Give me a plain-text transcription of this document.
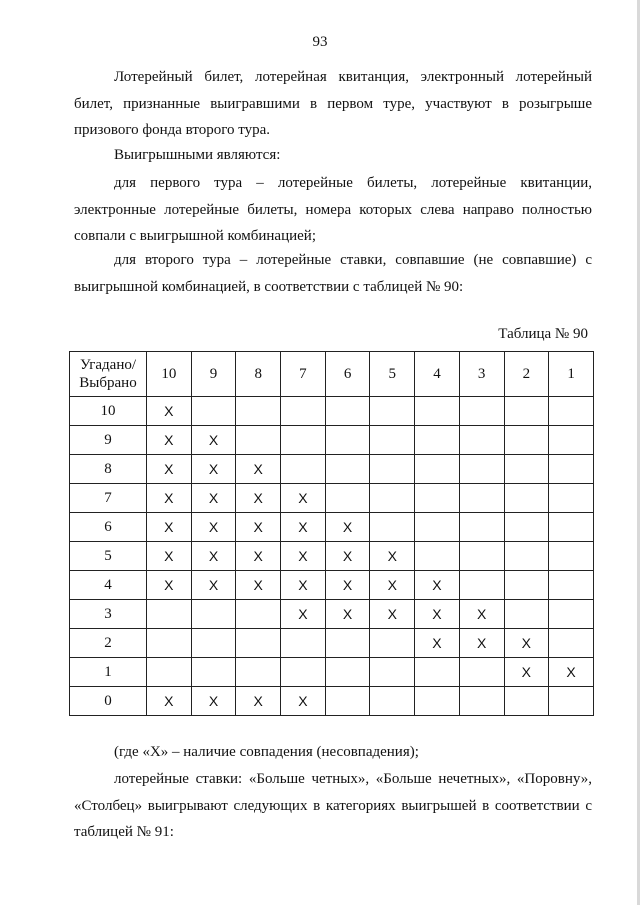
93
Лотерейный билет, лотерейная квитанция, электронный лотерейный билет, признанные выигравшими в первом туре, участвуют в розыгрыше призового фонда второго тура.
Выигрышными являются:
для первого тура – лотерейные билеты, лотерейные квитанции, электронные лотерейные билеты, номера которых слева направо полностью совпали с выигрышной комбинацией;
для второго тура – лотерейные ставки, совпавшие (не совпавшие) с выигрышной комбинацией, в соответствии с таблицей № 90:
Таблица № 90
Угадано/ Выбрано	10	9	8	7	6	5	4	3	2	1
10	X									
9	X	X								
8	X	X	X							
7	X	X	X	X						
6	X	X	X	X	X					
5	X	X	X	X	X	X				
4	X	X	X	X	X	X	X			
3				X	X	X	X	X		
2							X	X	X	
1									X	X
0	X	X	X	X						
(где «X» – наличие совпадения (несовпадения);
лотерейные ставки: «Больше четных», «Больше нечетных», «Поровну», «Столбец» выигрывают следующих в категориях выигрышей в соответствии с таблицей № 91:
